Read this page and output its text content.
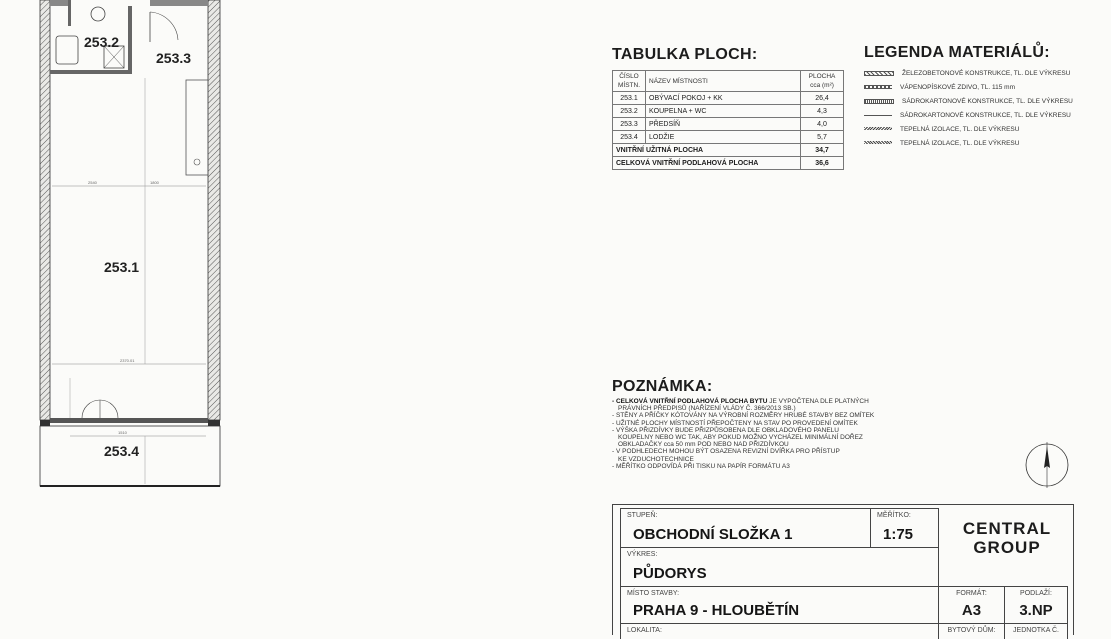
2540	1800
2370.01
1510
253.2
253.3
253.1
253.4
TABULKA PLOCH:
ČÍSLO MÍSTN.	NÁZEV MÍSTNOSTI	PLOCHA cca (m²)
253.1	OBÝVACÍ POKOJ + KK	26,4
253.2	KOUPELNA + WC	4,3
253.3	PŘEDSÍŇ	4,0
253.4	LODŽIE	5,7
VNITŘNÍ UŽITNÁ PLOCHA		34,7
CELKOVÁ VNITŘNÍ PODLAHOVÁ PLOCHA		36,6
LEGENDA MATERIÁLŮ:
ŽELEZOBETONOVÉ KONSTRUKCE, TL. DLE VÝKRESU
VÁPENOPÍSKOVÉ ZDIVO, TL. 115 mm
SÁDROKARTONOVÉ KONSTRUKCE, TL. DLE VÝKRESU
SÁDROKARTONOVÉ KONSTRUKCE, TL. DLE VÝKRESU
TEPELNÁ IZOLACE, TL. DLE VÝKRESU
TEPELNÁ IZOLACE, TL. DLE VÝKRESU
POZNÁMKA:
- CELKOVÁ VNITŘNÍ PODLAHOVÁ PLOCHA BYTU JE VYPOČTENA DLE PLATNÝCH
PRÁVNÍCH PŘEDPISŮ (NAŘÍZENÍ VLÁDY Č. 366/2013 SB.)
- STĚNY A PŘÍČKY KÓTOVÁNY NA VÝROBNÍ ROZMĚRY HRUBÉ STAVBY BEZ OMÍTEK
- UŽITNÉ PLOCHY MÍSTNOSTÍ PŘEPOČTENY NA STAV PO PROVEDENÍ OMÍTEK
- VÝŠKA PŘIZDÍVKY BUDE PŘIZPŮSOBENA DLE OBKLADOVÉHO PANELU
KOUPELNY NEBO WC TAK, ABY POKUD MOŽNO VYCHÁZEL MINIMÁLNÍ DOŘEZ
OBKLADAČKY cca 50 mm POD NEBO NAD PŘIZDÍVKOU
- V PODHLEDECH MOHOU BÝT OSAZENA REVIZNÍ DVÍŘKA PRO PŘÍSTUP
KE VZDUCHOTECHNICE
- MĚŘÍTKO ODPOVÍDÁ PŘI TISKU NA PAPÍR FORMÁTU A3
STUPEŇ:
OBCHODNÍ SLOŽKA 1
MĚŘÍTKO:
1:75	CENTRAL
GROUP
VÝKRES:
PŮDORYS
MÍSTO STAVBY:
PRAHA 9 - HLOUBĚTÍN
FORMÁT:
A3
PODLAŽÍ:
3.NP
LOKALITA:	BYTOVÝ DŮM:	JEDNOTKA Č.
